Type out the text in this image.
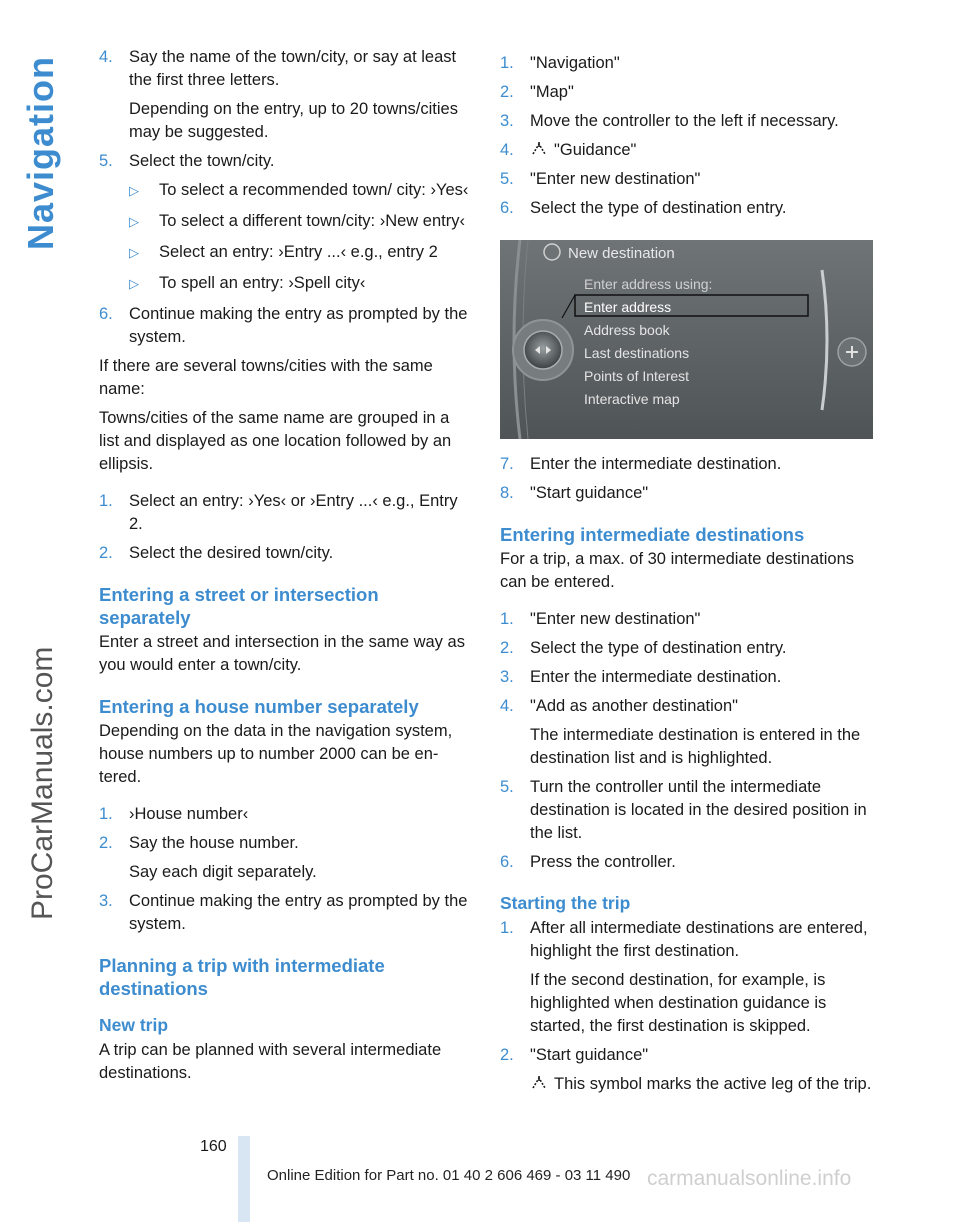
Navigation
ProCarManuals.com
4. Say the name of the town/city, or say at least the first three letters.
Depending on the entry, up to 20 towns/cities may be suggested.
5. Select the town/city.
▷	To select a recommended town/ city: ›Yes‹
▷	To select a different town/city: ›New entry‹
▷	Select an entry: ›Entry ...‹ e.g., entry 2
▷	To spell an entry: ›Spell city‹
6. Continue making the entry as prompted by the system.

If there are several towns/cities with the same name:

Towns/cities of the same name are grouped in a list and displayed as one location followed by an ellipsis.

1. Select an entry: ›Yes‹ or ›Entry ...‹ e.g., Entry 2.
2. Select the desired town/city.
Entering a street or intersection separately

Enter a street and intersection in the same way as you would enter a town/city.

Entering a house number separately

Depending on the data in the navigation system, house numbers up to number 2000 can be entered.

1. ›House number‹
2. Say the house number.
Say each digit separately.
3. Continue making the entry as prompted by the system.
Planning a trip with intermediate destinations
New trip

A trip can be planned with several intermediate destinations.

1. "Navigation"
2. "Map"
3. Move the controller to the left if necessary.
4.	"Guidance"
5. "Enter new destination"
6. Select the type of destination entry.
New destination
Enter address using:
Enter address
Address book
Last destinations
Points of Interest
Interactive map
7. Enter the intermediate destination.
8. "Start guidance"
Entering intermediate destinations

For a trip, a max. of 30 intermediate destinations can be entered.

1. "Enter new destination"
2. Select the type of destination entry.
3. Enter the intermediate destination.
4. "Add as another destination"
The intermediate destination is entered in the destination list and is highlighted.
5. Turn the controller until the intermediate destination is located in the desired position in the list.
6. Press the controller.
Starting the trip
1. After all intermediate destinations are entered, highlight the first destination.
If the second destination, for example, is highlighted when destination guidance is started, the first destination is skipped.
2. "Start guidance"
This symbol marks the active leg of the trip.
160
Online Edition for Part no. 01 40 2 606 469 - 03 11 490 carmanualsonline.info
